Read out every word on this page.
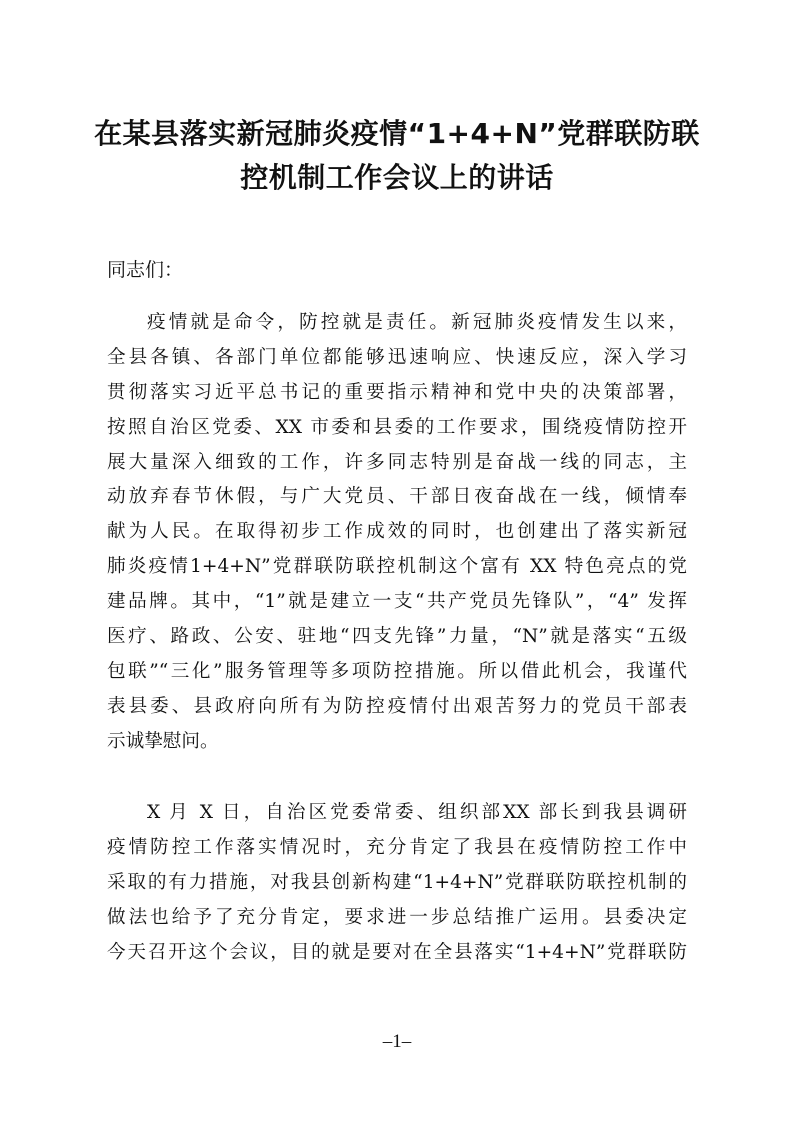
在某县落实新冠肺炎疫情“1+4+N”党群联防联
控机制工作会议上的讲话

同志们：

疫情就是命令，防控就是责任。新冠肺炎疫情发生以来，
全县各镇、各部门单位都能够迅速响应、快速反应，深入学习
贯彻落实习近平总书记的重要指示精神和党中央的决策部署，
按照自治区党委、XX 市委和县委的工作要求，围绕疫情防控开
展大量深入细致的工作，许多同志特别是奋战一线的同志，主
动放弃春节休假，与广大党员、干部日夜奋战在一线，倾情奉
献为人民。在取得初步工作成效的同时，也创建出了落实新冠
肺炎疫情1+4+N”党群联防联控机制这个富有 XX 特色亮点的党
建品牌。其中，“1”就是建立一支“共产党员先锋队”，“4” 发挥
医疗、路政、公安、驻地“四支先锋”力量，“N”就是落实“五级
包联”“三化”服务管理等多项防控措施。所以借此机会，我谨代
表县委、县政府向所有为防控疫情付出艰苦努力的党员干部表
示诚挚慰问。
X 月 X 日，自治区党委常委、组织部XX 部长到我县调研
疫情防控工作落实情况时，充分肯定了我县在疫情防控工作中
采取的有力措施，对我县创新构建“1+4+N”党群联防联控机制的
做法也给予了充分肯定，要求进一步总结推广运用。县委决定
今天召开这个会议，目的就是要对在全县落实“1+4+N”党群联防
–1–
